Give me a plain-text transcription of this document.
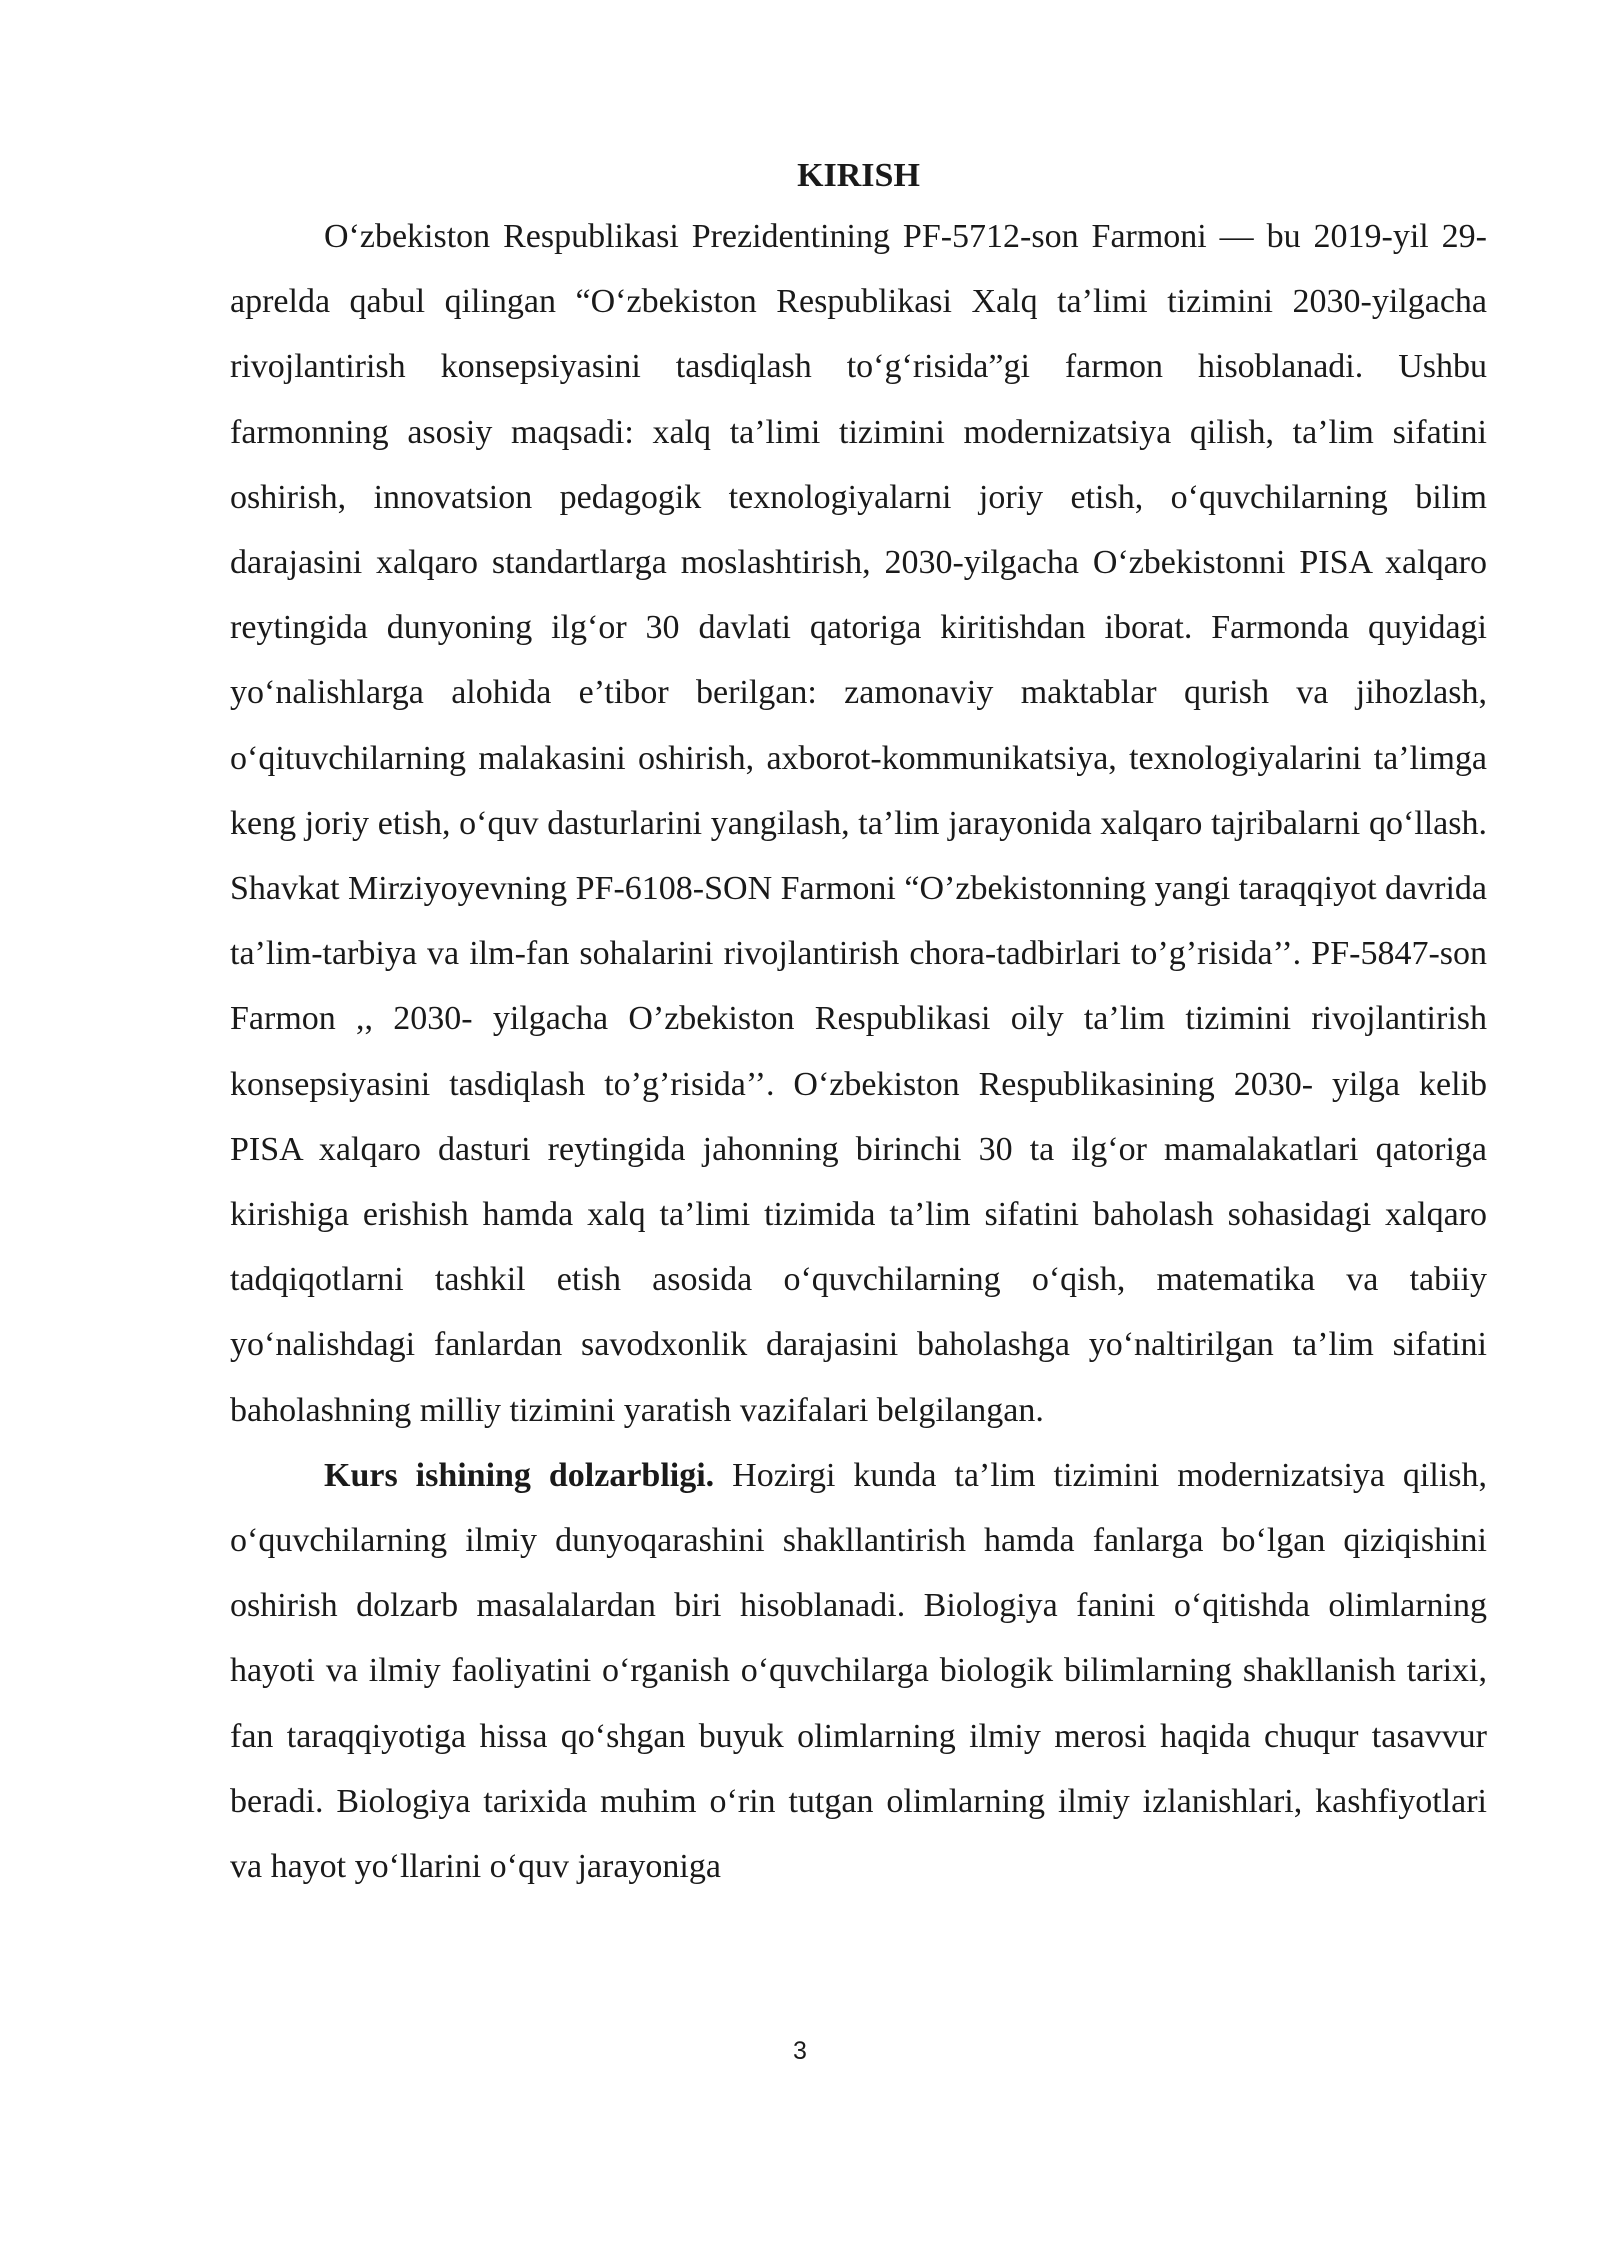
KIRISH

O‘zbekiston Respublikasi Prezidentining PF-5712-son Farmoni — bu 2019-yil 29-aprelda qabul qilingan “O‘zbekiston Respublikasi Xalq ta’limi tizimini 2030-yilgacha rivojlantirish konsepsiyasini tasdiqlash to‘g‘risida”gi farmon hisoblanadi. Ushbu farmonning asosiy maqsadi: xalq ta’limi tizimini modernizatsiya qilish, ta’lim sifatini oshirish, innovatsion pedagogik texnologiyalarni joriy etish, o‘quvchilarning bilim darajasini xalqaro standartlarga moslashtirish, 2030-yilgacha O‘zbekistonni PISA xalqaro reytingida dunyoning ilg‘or 30 davlati qatoriga kiritishdan iborat. Farmonda quyidagi yo‘nalishlarga alohida e’tibor berilgan: zamonaviy maktablar qurish va jihozlash, o‘qituvchilarning malakasini oshirish, axborot-kommunikatsiya, texnologiyalarini ta’limga keng joriy etish, o‘quv dasturlarini yangilash, ta’lim jarayonida xalqaro tajribalarni qo‘llash. Shavkat Mirziyoyevning PF-6108-SON Farmoni “O’zbekistonning yangi taraqqiyot davrida ta’lim-tarbiya va ilm-fan sohalarini rivojlantirish chora-tadbirlari to’g’risida’’. PF-5847-son Farmon ,, 2030- yilgacha O’zbekiston Respublikasi oily ta’lim tizimini rivojlantirish konsepsiyasini tasdiqlash to’g’risida’’. O‘zbekiston Respublikasining 2030- yilga kelib PISA xalqaro dasturi reytingida jahonning birinchi 30 ta ilg‘or mamalakatlari qatoriga kirishiga erishish hamda xalq ta’limi tizimida ta’lim sifatini baholash sohasidagi xalqaro tadqiqotlarni tashkil etish asosida o‘quvchilarning o‘qish, matematika va tabiiy yo‘nalishdagi fanlardan savodxonlik darajasini baholashga yo‘naltirilgan ta’lim sifatini baholashning milliy tizimini yaratish vazifalari belgilangan.

Kurs ishining dolzarbligi. Hozirgi kunda ta’lim tizimini modernizatsiya qilish, o‘quvchilarning ilmiy dunyoqarashini shakllantirish hamda fanlarga bo‘lgan qiziqishini oshirish dolzarb masalalardan biri hisoblanadi. Biologiya fanini o‘qitishda olimlarning hayoti va ilmiy faoliyatini o‘rganish o‘quvchilarga biologik bilimlarning shakllanish tarixi, fan taraqqiyotiga hissa qo‘shgan buyuk olimlarning ilmiy merosi haqida chuqur tasavvur beradi. Biologiya tarixida muhim o‘rin tutgan olimlarning ilmiy izlanishlari, kashfiyotlari va hayot yo‘llarini o‘quv jarayoniga

3
